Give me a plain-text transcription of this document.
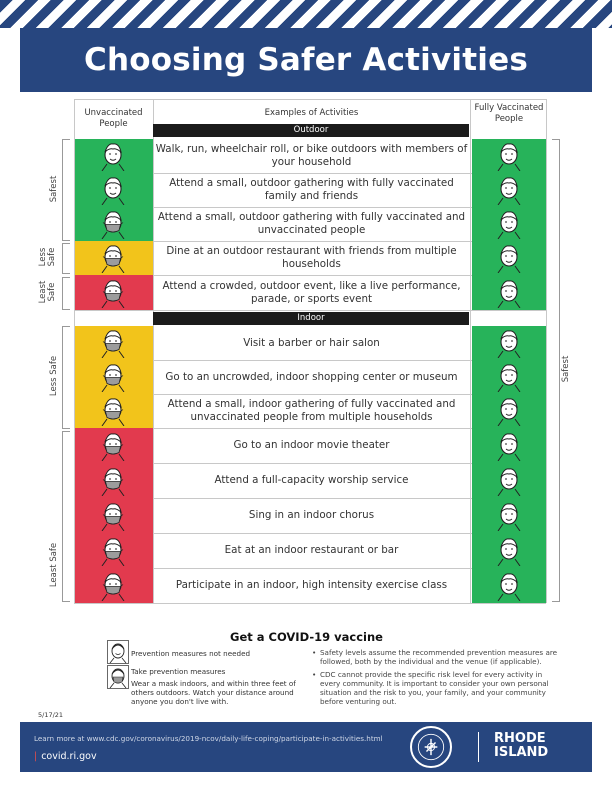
Choosing Safer Activities
Unvaccinated People
Examples of Activities	Fully Vaccinated People
Walk, run, wheelchair roll, or bike outdoors with members of your household
Attend a small, outdoor gathering with fully vaccinated family and friends
Attend a small, outdoor gathering with fully vaccinated and unvaccinated people
Dine at an outdoor restaurant with friends from multiple households
Attend a crowded, outdoor event, like a live performance, parade, or sports event
Visit a barber or hair salon
Go to an uncrowded, indoor shopping center or museum
Attend a small, indoor gathering of fully vaccinated and unvaccinated people from multiple households
Go to an indoor movie theater
Attend a full-capacity worship service
Sing in an indoor chorus
Eat at an indoor restaurant or bar
Participate in an indoor, high intensity exercise class
Outdoor
Indoor
Safest
Less Safe
Least Safe
Less Safe
Least Safe
Safest
Get a COVID-19 vaccine
Prevention measures not needed
Take prevention measures
Wear a mask indoors, and within three feet of others outdoors. Watch your distance around anyone you don't live with.

• Safety levels assume the recommended prevention measures are followed, both by the individual and the venue (if applicable).

• CDC cannot provide the specific risk level for every activity in every community. It is important to consider your own personal situation and the risk to you, your family, and your community before venturing out.

5/17/21
Learn more at www.cdc.gov/coronavirus/2019-ncov/daily-life-coping/participate-in-activities.html
| covid.ri.gov
RHODE
ISLAND
